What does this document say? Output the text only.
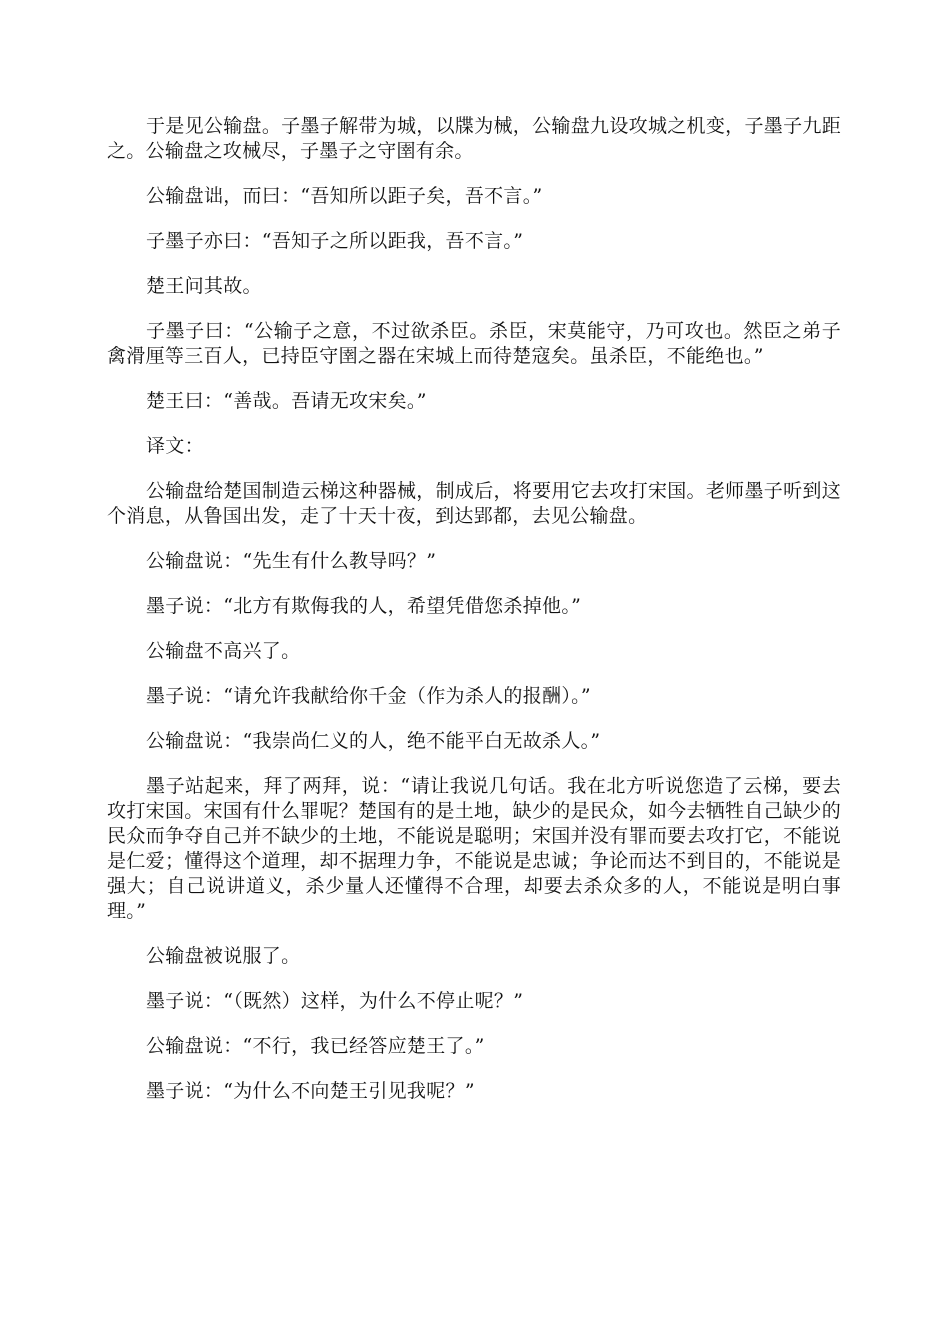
于是见公输盘。子墨子解带为城，以牒为械，公输盘九设攻城之机变，子墨子九距之。公输盘之攻械尽，子墨子之守圉有余。

公输盘诎，而曰：“吾知所以距子矣，吾不言。”

子墨子亦曰：“吾知子之所以距我，吾不言。”

楚王问其故。

子墨子曰：“公输子之意，不过欲杀臣。杀臣，宋莫能守，乃可攻也。然臣之弟子禽滑厘等三百人，已持臣守圉之器在宋城上而待楚寇矣。虽杀臣，不能绝也。”

楚王曰：“善哉。吾请无攻宋矣。”

译文：

公输盘给楚国制造云梯这种器械，制成后，将要用它去攻打宋国。老师墨子听到这个消息，从鲁国出发，走了十天十夜，到达郢都，去见公输盘。

公输盘说：“先生有什么教导吗？”

墨子说：“北方有欺侮我的人，希望凭借您杀掉他。”

公输盘不高兴了。

墨子说：“请允许我献给你千金（作为杀人的报酬）。”

公输盘说：“我崇尚仁义的人，绝不能平白无故杀人。”

墨子站起来，拜了两拜，说：“请让我说几句话。我在北方听说您造了云梯，要去攻打宋国。宋国有什么罪呢？楚国有的是土地，缺少的是民众，如今去牺牲自己缺少的民众而争夺自己并不缺少的土地，不能说是聪明；宋国并没有罪而要去攻打它，不能说是仁爱；懂得这个道理，却不据理力争，不能说是忠诚；争论而达不到目的，不能说是强大；自己说讲道义，杀少量人还懂得不合理，却要去杀众多的人，不能说是明白事理。”

公输盘被说服了。

墨子说：“（既然）这样，为什么不停止呢？”

公输盘说：“不行，我已经答应楚王了。”

墨子说：“为什么不向楚王引见我呢？”
